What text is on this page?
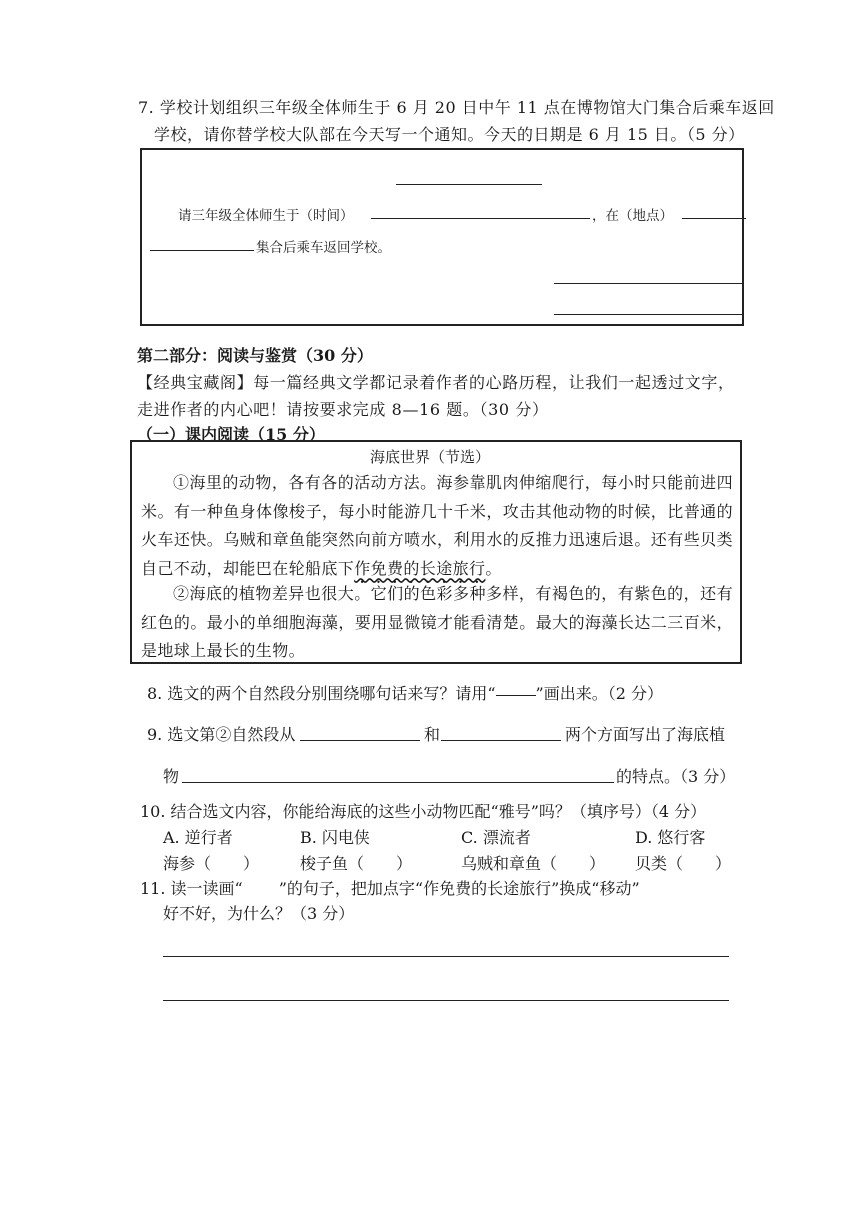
7. 学校计划组织三年级全体师生于 6 月 20 日中午 11 点在博物馆大门集合后乘车返回
学校，请你替学校大队部在今天写一个通知。今天的日期是 6 月 15 日。（5 分）
请三年级全体师生于（时间）	，在（地点）
集合后乘车返回学校。
第二部分：阅读与鉴赏（30 分）
【经典宝藏阁】每一篇经典文学都记录着作者的心路历程，让我们一起透过文字，
走进作者的内心吧！请按要求完成 8—16 题。（30 分）
（一）课内阅读（15 分）
海底世界（节选）
①海里的动物，各有各的活动方法。海参靠肌肉伸缩爬行，每小时只能前进四米。有一种鱼身体像梭子，每小时能游几十千米，攻击其他动物的时候，比普通的火车还快。乌贼和章鱼能突然向前方喷水，利用水的反推力迅速后退。还有些贝类自己不动，却能巴在轮船底下作免费的长途旅行。
②海底的植物差异也很大。它们的色彩多种多样，有褐色的，有紫色的，还有红色的。最小的单细胞海藻，要用显微镜才能看清楚。最大的海藻长达二三百米，是地球上最长的生物。
8. 选文的两个自然段分别围绕哪句话来写？请用“	”画出来。（2 分）
9. 选文第②自然段从	和	两个方面写出了海底植
物	的特点。（3 分）
10. 结合选文内容，你能给海底的这些小动物匹配“雅号”吗？（填序号）（4 分）
A. 逆行者	B. 闪电侠	C. 漂流者	D. 悠行客
海参（　　）	梭子鱼（　　）	乌贼和章鱼（　　） 贝类（　　）
11. 读一读画“ ”的句子，把加点字“作免费的长途旅行”换成“移动”
好不好，为什么？（3 分）
